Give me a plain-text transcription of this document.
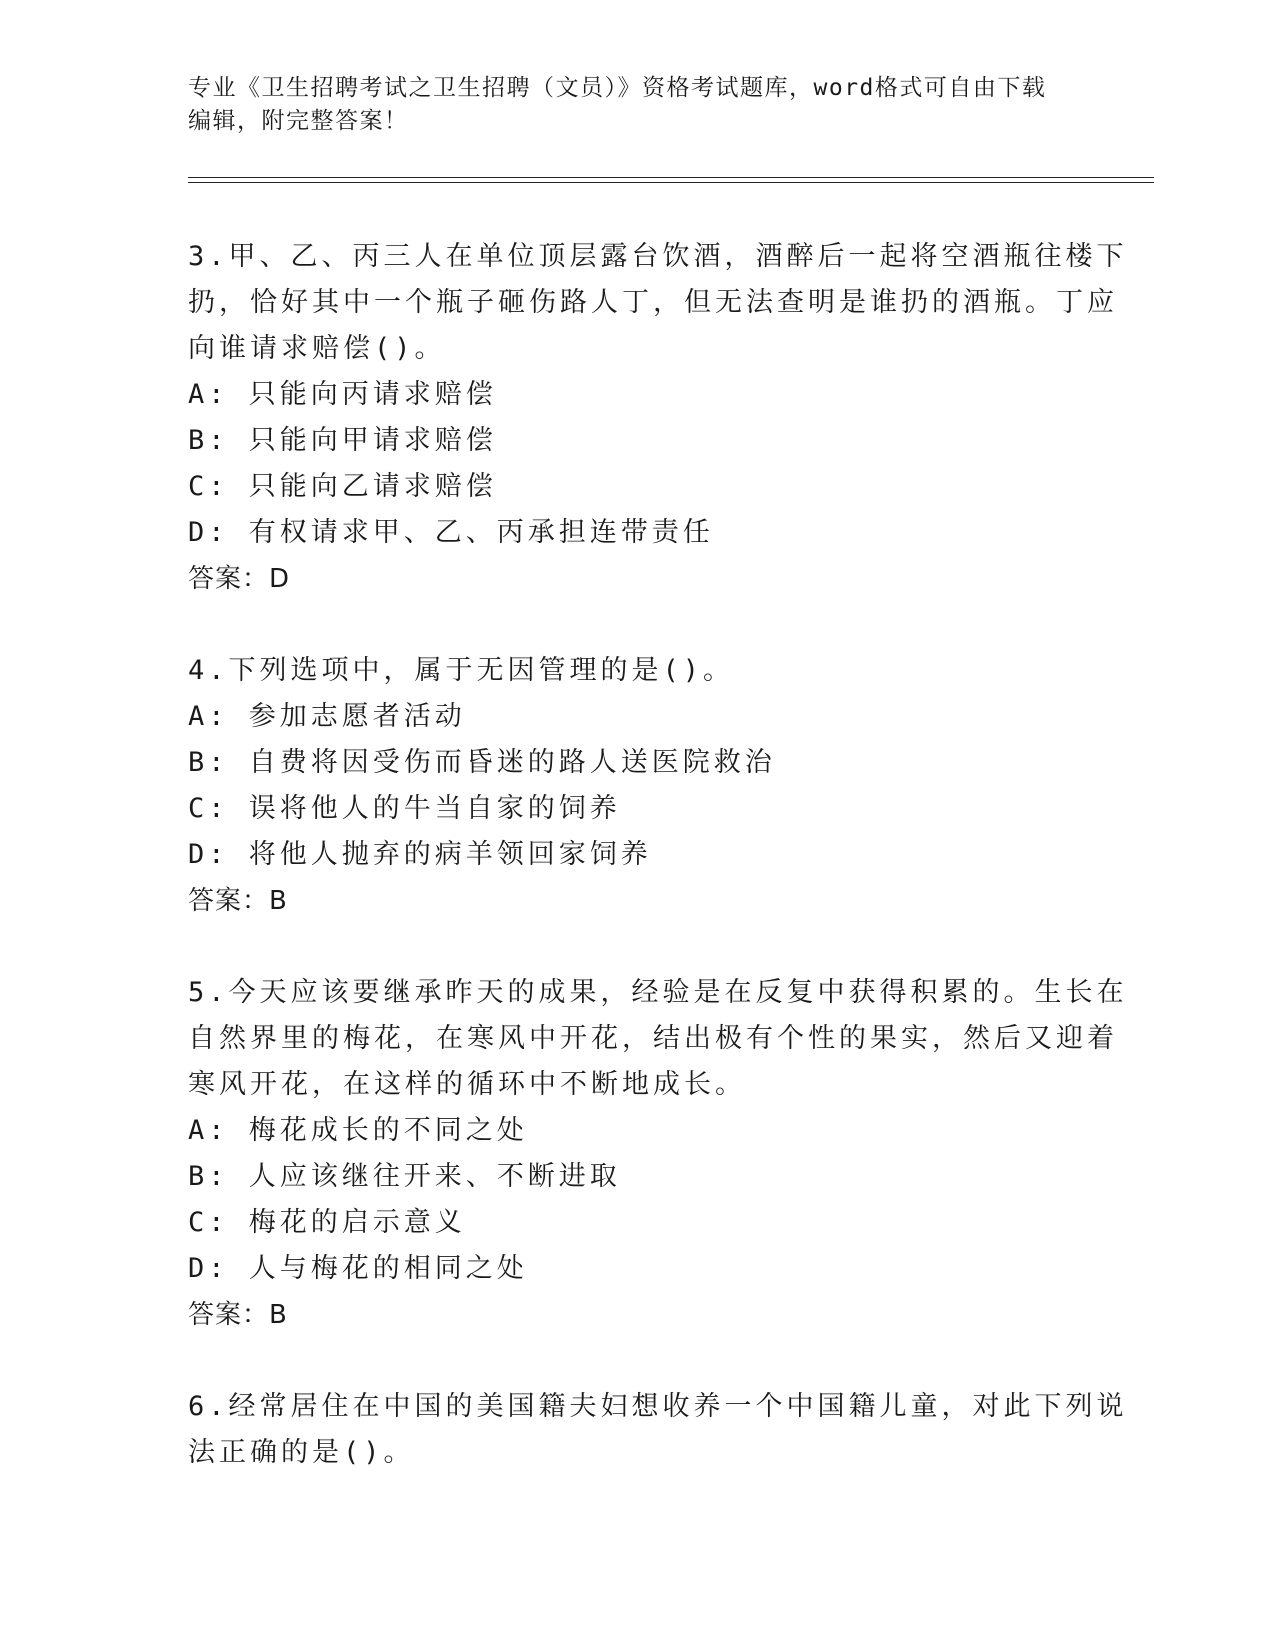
专业《卫生招聘考试之卫生招聘（文员）》资格考试题库，word格式可自由下载
编辑，附完整答案！
3.甲、乙、丙三人在单位顶层露台饮酒，酒醉后一起将空酒瓶往楼下
扔，恰好其中一个瓶子砸伤路人丁，但无法查明是谁扔的酒瓶。丁应
向谁请求赔偿()。
A: 只能向丙请求赔偿
B: 只能向甲请求赔偿
C: 只能向乙请求赔偿
D: 有权请求甲、乙、丙承担连带责任
答案：D
4.下列选项中，属于无因管理的是()。
A: 参加志愿者活动
B: 自费将因受伤而昏迷的路人送医院救治
C: 误将他人的牛当自家的饲养
D: 将他人抛弃的病羊领回家饲养
答案：B
5.今天应该要继承昨天的成果，经验是在反复中获得积累的。生长在
自然界里的梅花，在寒风中开花，结出极有个性的果实，然后又迎着
寒风开花，在这样的循环中不断地成长。
A: 梅花成长的不同之处
B: 人应该继往开来、不断进取
C: 梅花的启示意义
D: 人与梅花的相同之处
答案：B
6.经常居住在中国的美国籍夫妇想收养一个中国籍儿童，对此下列说
法正确的是()。
